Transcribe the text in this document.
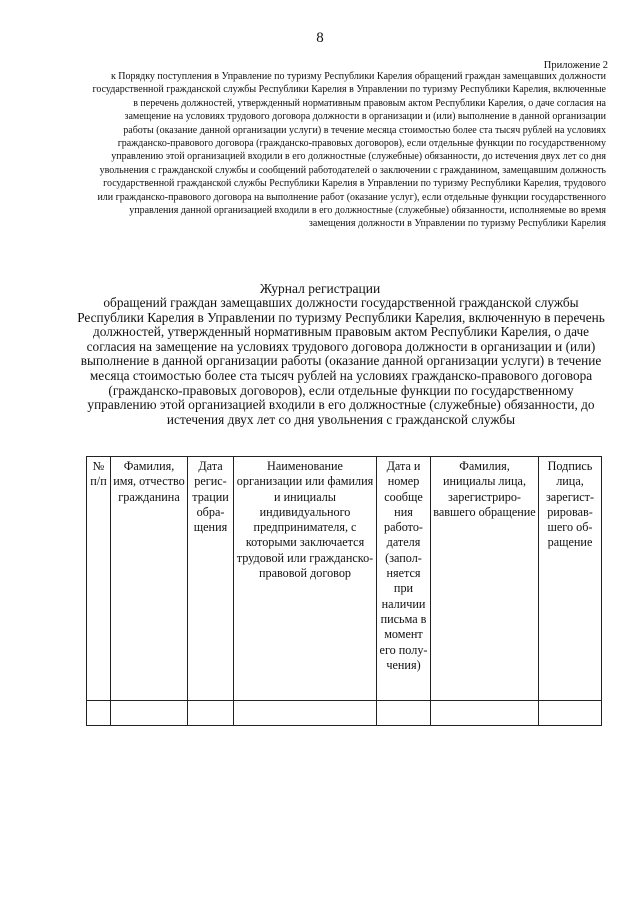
8
Приложение 2
к Порядку поступления в Управление по туризму Республики Карелия обращений граждан замещавших должности государственной гражданской службы Республики Карелия в Управлении по туризму Республики Карелия, включенные в перечень должностей, утвержденный нормативным правовым актом Республики Карелия, о даче согласия на замещение на условиях трудового договора должности в организации и (или) выполнение в данной организации работы (оказание данной организации услуги) в течение месяца стоимостью более ста тысяч рублей на условиях гражданско-правового договора (гражданско-правовых договоров), если отдельные функции по государственному управлению этой организацией входили в его должностные (служебные) обязанности, до истечения двух лет со дня увольнения с гражданской службы и сообщений работодателей о заключении с гражданином, замещавшим должность государственной гражданской службы Республики Карелия в Управлении по туризму Республики Карелия, трудового или гражданско-правового договора на выполнение работ (оказание услуг), если отдельные функции государственного управления данной организацией входили в его должностные (служебные) обязанности, исполняемые во время замещения должности в Управлении по туризму Республики Карелия
Журнал регистрации
обращений граждан замещавших должности государственной гражданской службы Республики Карелия в Управлении по туризму Республики Карелия, включенную в перечень должностей, утвержденный нормативным правовым актом Республики Карелия, о даче согласия на замещение на условиях трудового договора должности в организации и (или) выполнение в данной организации работы (оказание данной организации услуги) в течение месяца стоимостью более ста тысяч рублей на условиях гражданско-правового договора (гражданско-правовых договоров), если отдельные функции по государственному управлению этой организацией входили в его должностные (служебные) обязанности, до истечения двух лет со дня увольнения с гражданской службы
№ п/п	Фамилия, имя, отчество гражданина	Дата регис-трации обра-щения	Наименование организации или фамилия и инициалы индивидуального предпринимателя, с которыми заключается трудовой или гражданско-правовой договор	Дата и номер сообще ния работо-дателя (запол-няется при наличии письма в момент его полу-чения)	Фамилия, инициалы лица, зарегистриро-вавшего обращение	Подпись лица, зарегист-рировав-шего об-ращение
